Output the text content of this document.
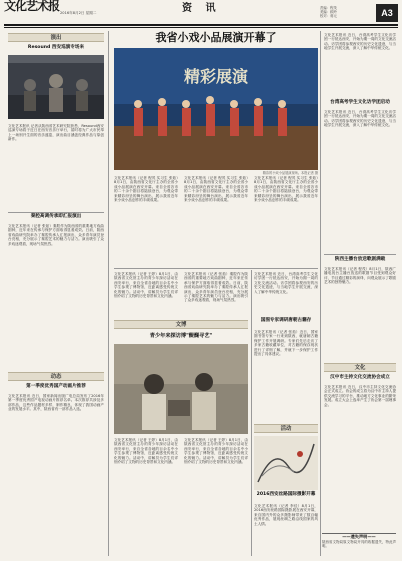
文化艺术报 2016年8月2日 星期二	资 讯	责编：程茂
美编：顾玲
校对：蒋元	A3
演出
Resound 西安巡演专场来
文化艺术报讯 记者从陕西省艺术研究院获悉，Resound西安巡演专场将于近日在西安音乐厅举行，届时将为广大市民奉上一场别开生面的音乐盛宴，演出曲目涵盖经典作品与原创新作。
秦腔高调传承即汇报演出
文化艺术报讯（记者 张茹）秦腔作为陕西省的重要地方戏曲剧种，近年来在传承与保护方面取得显著成效。日前，陕西省戏曲研究院举办了秦腔传承人汇报演出，众多青年演员登台亮相，充分展示了秦腔艺术的魅力与活力。演出吸引了众多戏迷观看，现场气氛热烈。
动态
第一季度优秀国产动画片推荐
文化艺术报讯 近日，国家新闻出版广电总局发布了2016年第一季度优秀国产电视动画片推荐名单。本次推荐共涉及多部作品，这些作品题材多样，制作精良，体现了我国动画产业的发展水平。其中，陕西省有一部作品入选。
我省小戏小品展演开幕了
精彩展演
精彩的小戏小品展演现场。本报记者 摄
文化艺术报讯（记者 程茂 实习生 张茹）8月1日，由陕西省文化厅主办的全省小戏小品展演在西安开幕。来自全省各市的二十余个剧目将陆续登台，为观众带来精彩纷呈的舞台演出，展示我省近年来小戏小品创作的丰硕成果。
文化艺术报讯（记者 程茂 实习生 张茹）8月1日，由陕西省文化厅主办的全省小戏小品展演在西安开幕。来自全省各市的二十余个剧目将陆续登台，为观众带来精彩纷呈的舞台演出，展示我省近年来小戏小品创作的丰硕成果。
文化艺术报讯（记者 程茂 实习生 张茹）8月1日，由陕西省文化厅主办的全省小戏小品展演在西安开幕。来自全省各市的二十余个剧目将陆续登台，为观众带来精彩纷呈的舞台演出，展示我省近年来小戏小品创作的丰硕成果。
文化艺术报讯（记者 王婷）8月1日，由陕西省文化馆主办的青少年探访活动在西安举行，来自全省各地的百余名中小学生参观了博物馆，近距离感受传统文化的魅力。活动中，讲解员为学生们详细介绍了文物的历史背景和文化内涵。
文化艺术报讯（记者 张茹）秦腔作为陕西省的重要地方戏曲剧种，近年来在传承与保护方面取得显著成效。日前，陕西省戏曲研究院举办了秦腔传承人汇报演出，众多青年演员登台亮相，充分展示了秦腔艺术的魅力与活力。演出吸引了众多戏迷观看，现场气氛热烈。
文博
青少年来探访博"醍醐寻艺"
文化艺术报讯（记者 王婷）8月1日，由陕西省文化馆主办的青少年探访活动在西安举行，来自全省各地的百余名中小学生参观了博物馆，近距离感受传统文化的魅力。活动中，讲解员为学生们详细介绍了文物的历史背景和文化内涵。
文化艺术报讯（记者 王婷）8月1日，由陕西省文化馆主办的青少年探访活动在西安举行，来自全省各地的百余名中小学生参观了博物馆，近距离感受传统文化的魅力。活动中，讲解员为学生们详细介绍了文物的历史背景和文化内涵。
文化艺术报讯 近日，台湾高考学生文化访学团一行抵达西安，开始为期一周的文化交流活动。访学团将参观西安的历史文化遗迹，与当地学生开展交流，深入了解中华传统文化。
国图专家调研唐朝古籍存
文化艺术报讯（记者 张茹）近日，国家图书馆专家一行来到陕西，就唐朝古籍保护工作开展调研。专家们先后走访了多家古籍收藏单位，对古籍的保存现状进行了详细了解，并就下一步保护工作提出了具体建议。
活动
2016西安丝路国际摄影开幕
文化艺术报讯（记者 李佳）8月1日，2016西安丝路国际摄影展在西安开幕，来自国内外的众多摄影师带来了数百幅优秀作品，展现丝绸之路沿线国家的风土人情。
文化艺术报讯 近日，台湾高考学生文化访学团一行抵达西安，开始为期一周的文化交流活动。访学团将参观西安的历史文化遗迹，与当地学生开展交流，深入了解中华传统文化。
台湾高考学生文化访学团启动
文化艺术报讯 近日，台湾高考学生文化访学团一行抵达西安，开始为期一周的文化交流活动。访学团将参观西安的历史文化遗迹，与当地学生开展交流，深入了解中华传统文化。
陕西主播台放送歌剧满载
文化艺术报讯（记者 程茂）8月1日，陕西广播电视台主播台放送的歌剧节目受到观众好评，节目通过精彩的演绎，向观众展示了歌剧艺术的独特魅力。
文化
汉中市主持文化交流协会成立
文化艺术报讯 近日，汉中市主持文化交流协会正式成立。协会的成立将为汉中市主持人提供交流学习的平台，推动地方文化事业的繁荣发展。成立大会上选举产生了协会第一届理事会。
——遗失声明——
陕西省文物局原文物局开具的收据遗失，特此声明。
